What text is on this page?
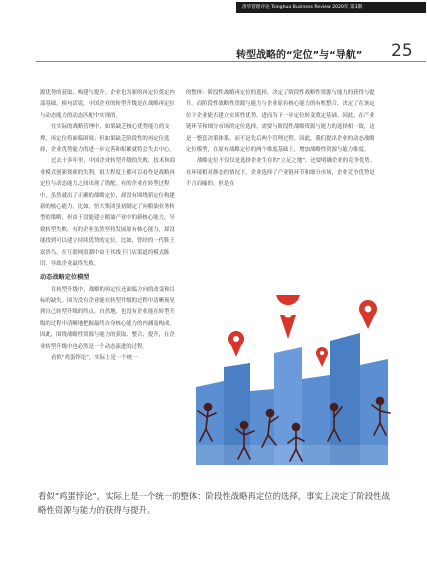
清华管理评论 Tsinghua Business Review 2020年 第3期
转型战略的“定位”与“导航” 25

源优势的获取、构建与提升。企业也为新的再定位奠定内部基础，换句话说，中国企业的转型升级是在战略再定位与动态能力的动态匹配中实现的。

在实际的战略管理中，如果缺乏核心优势能力的支撑，再定位将面临困境；但如果缺乏阶段性的再定位选择，企业优势能力的进一步完善和积累就将会失去中心。

过去十多年里，中国企业转型升级的失败，技术和商业模式创新探索的失利，很大程度上都可以看作是战略再定位与动态能力之间出现了错配。有的企业在转型过程中，虽然就出了正确的战略定位，却没有围绕新定位构建新的核心能力。比如，恒大集团虽初制定了向粮油业务转型的策略，但由于没能建立粮油产业中的新核心能力，导致转型失败。有的企业虽然坚持发展原有核心能力，却没能找到可以建立持续优势的定位。比如，曾经的一代鞋王富贵鸟，在互联网浪潮中由于其线下门店渠道的模式陈旧，导致企业最终失败。

动态战略定位模型

在转型升级中，战略的再定位还面临方向的改变和目标的缺失。因为没有企业能在转型升级的过程中清晰预见到自己转型升级的终点。自然地，也没有企业能在转型升级的过程中清晰地把握最终自身核心能力的内涵及构成。因此，围绕战略性资源与能力的获取、整合、提升，在企业转型升级中也必然是一个动态演进的过程。

看似“鸡蛋悖论”，实际上是一个统一

的整体：阶段性战略再定位的选择，决定了阶段性战略性资源与能力的获得与提升。而阶段性战略性资源与能力与企业原有核心能力的有机整合，决定了在该定位下企业能否建立实质性优势，进而为下一步定位转变奠定基础。因此，在产业链环节和细分市场的定位选择，需要与阶段性战略资源与能力的选择相一致，这是一整套决策体系，而不是先后两个管理过程。因此，我们提出企业的动态战略定位模型，在原有战略定位的两个维度基础上，增加战略性资源与能力维度。

战略定位不仅仅是选择企业生存的“立足之地”，还要明确企业的竞争优势。在环境相对静态的情况下，企业选择了产业链环节和细分市场，企业竞争优势是不言而喻的。但是在

看似“鸡蛋悖论”，实际上是一个统一的整体：阶段性战略再定位的选择，事实上决定了阶段性战略性资源与能力的获得与提升。
